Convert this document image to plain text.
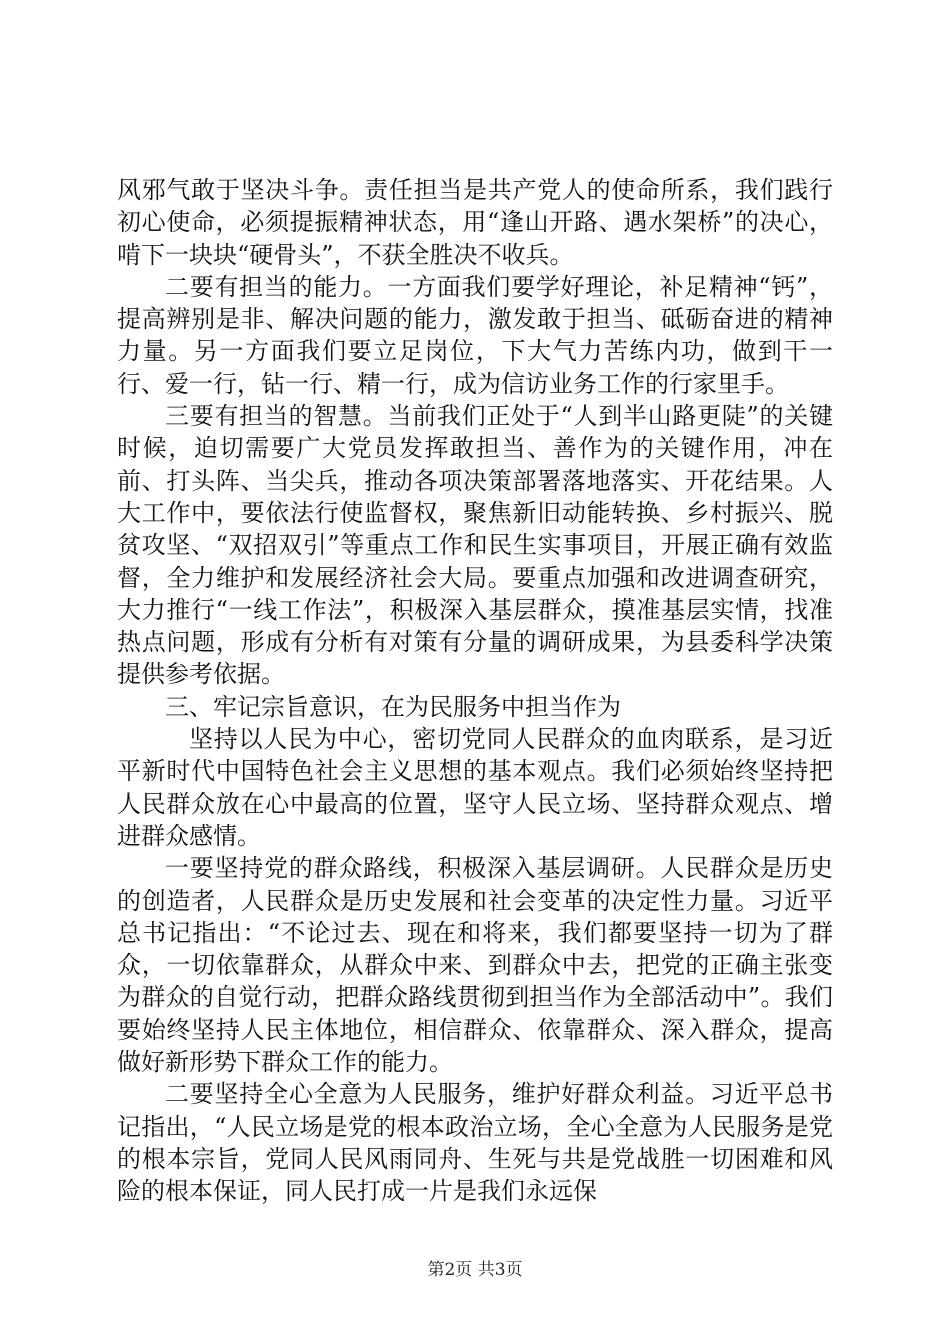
风邪气敢于坚决斗争。责任担当是共产党人的使命所系，我们践行初心使命，必须提振精神状态，用“逢山开路、遇水架桥”的决心，啃下一块块“硬骨头”，不获全胜决不收兵。

二要有担当的能力。一方面我们要学好理论，补足精神“钙”，提高辨别是非、解决问题的能力，激发敢于担当、砥砺奋进的精神力量。另一方面我们要立足岗位，下大气力苦练内功，做到干一行、爱一行，钻一行、精一行，成为信访业务工作的行家里手。

三要有担当的智慧。当前我们正处于“人到半山路更陡”的关键时候，迫切需要广大党员发挥敢担当、善作为的关键作用，冲在前、打头阵、当尖兵，推动各项决策部署落地落实、开花结果。人大工作中，要依法行使监督权，聚焦新旧动能转换、乡村振兴、脱贫攻坚、“双招双引”等重点工作和民生实事项目，开展正确有效监督，全力维护和发展经济社会大局。要重点加强和改进调查研究，大力推行“一线工作法”，积极深入基层群众，摸准基层实情，找准热点问题，形成有分析有对策有分量的调研成果，为县委科学决策提供参考依据。

三、牢记宗旨意识，在为民服务中担当作为

坚持以人民为中心，密切党同人民群众的血肉联系，是习近平新时代中国特色社会主义思想的基本观点。我们必须始终坚持把人民群众放在心中最高的位置，坚守人民立场、坚持群众观点、增进群众感情。

一要坚持党的群众路线，积极深入基层调研。人民群众是历史的创造者，人民群众是历史发展和社会变革的决定性力量。习近平总书记指出：“不论过去、现在和将来，我们都要坚持一切为了群众，一切依靠群众，从群众中来、到群众中去，把党的正确主张变为群众的自觉行动，把群众路线贯彻到担当作为全部活动中”。我们要始终坚持人民主体地位，相信群众、依靠群众、深入群众，提高做好新形势下群众工作的能力。

二要坚持全心全意为人民服务，维护好群众利益。习近平总书记指出，“人民立场是党的根本政治立场，全心全意为人民服务是党的根本宗旨，党同人民风雨同舟、生死与共是党战胜一切困难和风险的根本保证，同人民打成一片是我们永远保

第2页 共3页
